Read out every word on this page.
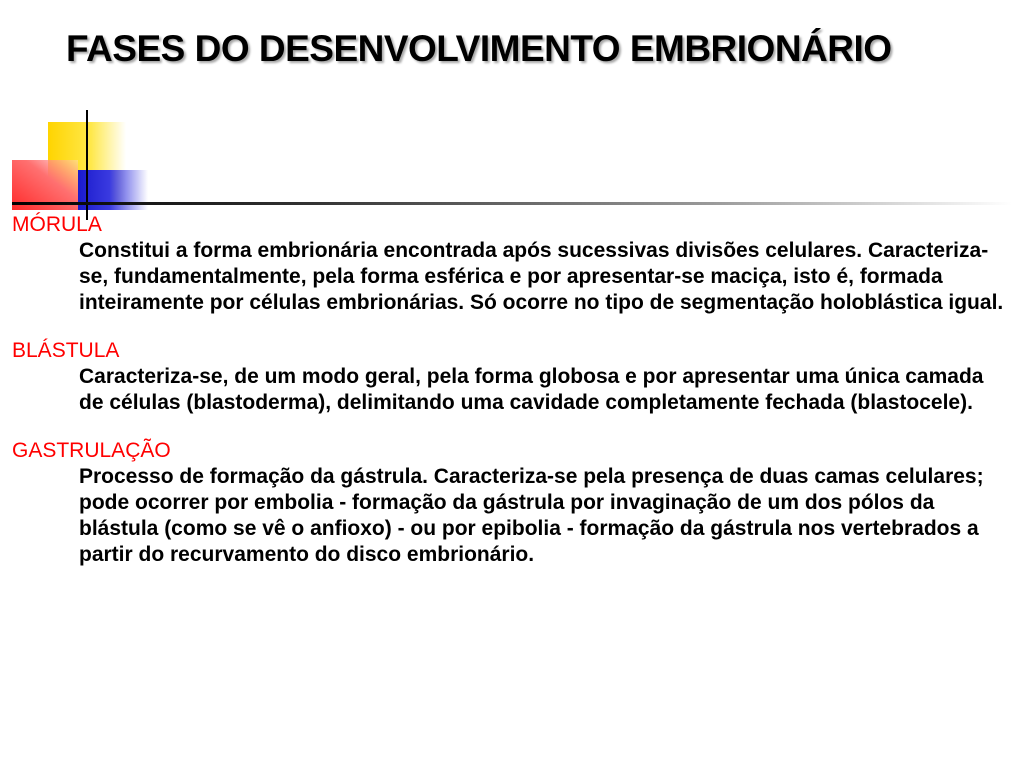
FASES DO DESENVOLVIMENTO EMBRIONÁRIO

MÓRULA

Constitui a forma embrionária encontrada após sucessivas divisões celulares. Caracteriza-se, fundamentalmente, pela forma esférica e por apresentar-se maciça, isto é, formada inteiramente por células embrionárias. Só ocorre no tipo de segmentação holoblástica igual.

BLÁSTULA

Caracteriza-se, de um modo geral, pela forma globosa e por apresentar uma única camada de células (blastoderma), delimitando uma cavidade completamente fechada (blastocele).

GASTRULAÇÃO

Processo de formação da gástrula. Caracteriza-se pela presença de duas camas celulares; pode ocorrer por embolia - formação da gástrula por invaginação de um dos pólos da blástula (como se vê o anfioxo) - ou por epibolia - formação da gástrula nos vertebrados a partir do recurvamento do disco embrionário.
